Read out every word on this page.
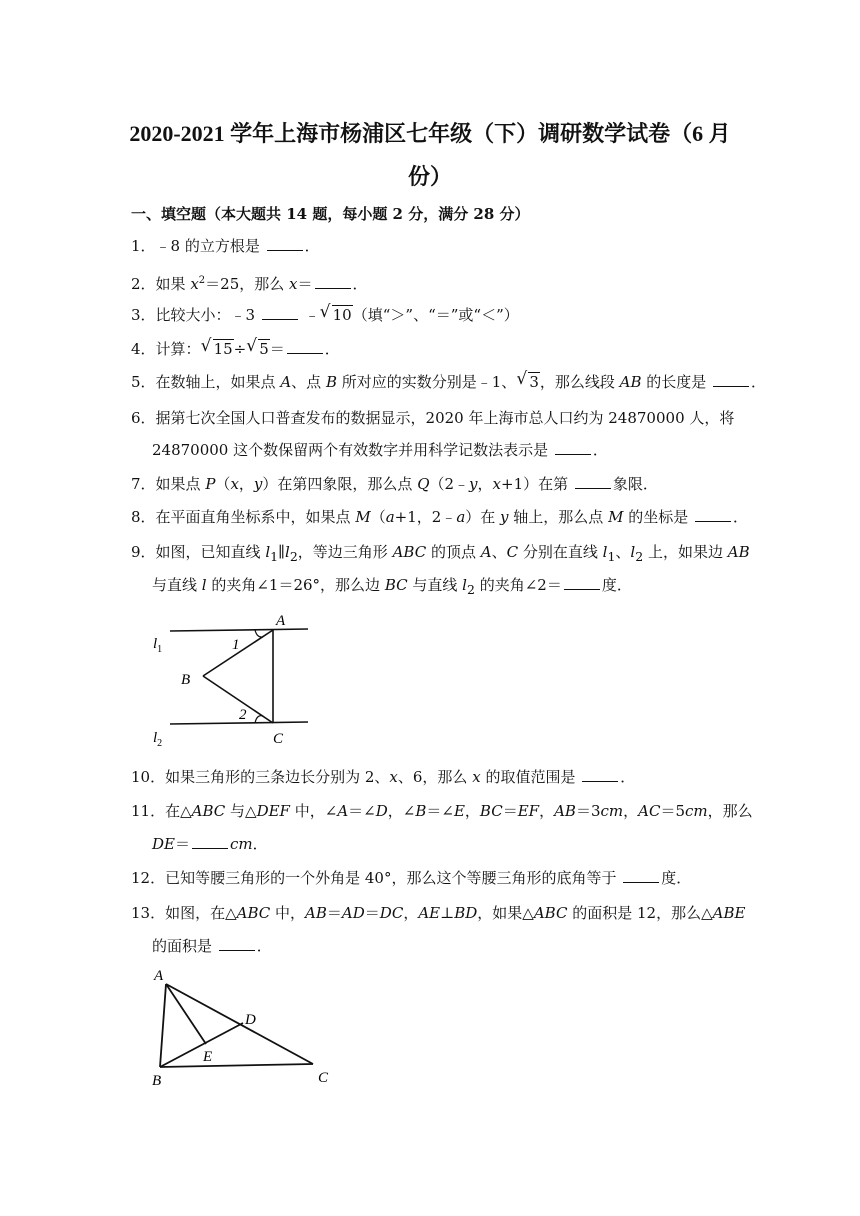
2020-2021 学年上海市杨浦区七年级（下）调研数学试卷（6 月
份）
一、填空题（本大题共 14 题，每小题 2 分，满分 28 分）
1．﹣8 的立方根是	．
2．如果 $x^2=25$，那么 x＝	．
3．比较大小：﹣3	﹣ √ 10（填“＞”、“＝”或“＜”）
4．计算： √ 15÷ √ 5＝	．
5．在数轴上，如果点 A、点 B 所对应的实数分别是﹣1、 √ 3，那么线段 AB 的长度是	．
6．据第七次全国人口普查发布的数据显示，2020 年上海市总人口约为 24870000 人，将
24870000 这个数保留两个有效数字并用科学记数法表示是	．
7．如果点 P（x，y）在第四象限，那么点 Q（2﹣y，x+1）在第	象限．
8．在平面直角坐标系中，如果点 M（a+1，2﹣a）在 y 轴上，那么点 M 的坐标是	．
9．如图，已知直线 $l_1\parallel l_2$，等边三角形 ABC 的顶点 A、C 分别在直线 $l_1$、$l_2$ 上，如果边 AB
与直线 l 的夹角∠1＝26°，那么边 BC 与直线 $l_2$ 的夹角∠2＝	度．
$l_1$
$l_2$
A
B
C
1
2
10．如果三角形的三条边长分别为 2、x、6，那么 x 的取值范围是	．
11．在△ABC 与△DEF 中，∠A＝∠D，∠B＝∠E，BC＝EF，AB＝3cm，AC＝5cm，那么
DE＝	cm．
12．已知等腰三角形的一个外角是 40°，那么这个等腰三角形的底角等于	度．
13．如图，在△ABC 中，AB＝AD＝DC，AE⊥BD，如果△ABC 的面积是 12，那么△ABE
的面积是	．
A
B	C
D
E
